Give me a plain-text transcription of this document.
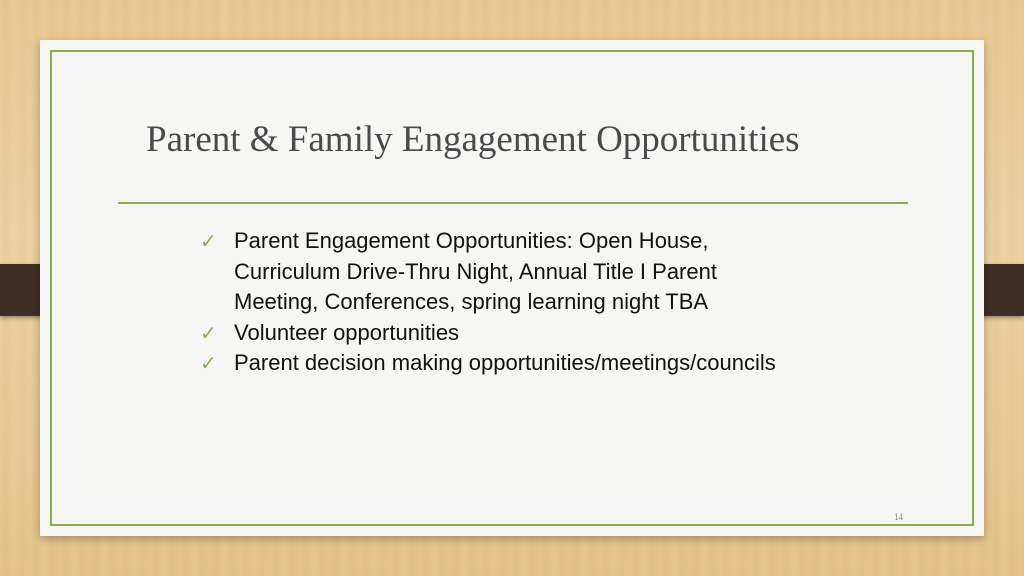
Parent & Family Engagement Opportunities
✓ Parent Engagement Opportunities: Open House, Curriculum Drive-Thru Night, Annual Title I Parent Meeting, Conferences, spring learning night TBA
✓ Volunteer opportunities
✓ Parent decision making opportunities/meetings/councils
14
